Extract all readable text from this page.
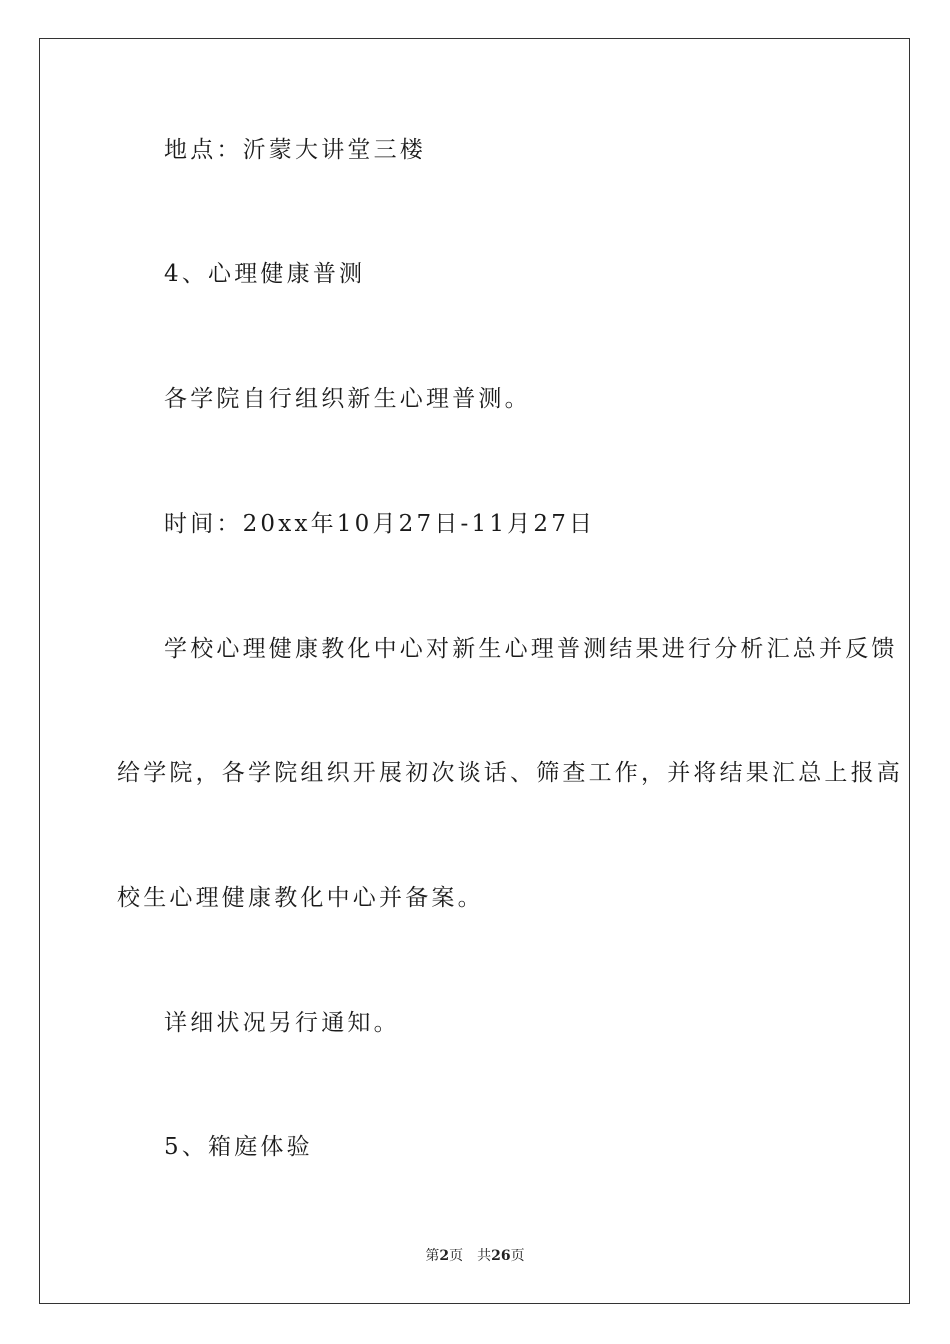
地点：沂蒙大讲堂三楼
4、心理健康普测
各学院自行组织新生心理普测。
时间：20xx年10月27日-11月27日
学校心理健康教化中心对新生心理普测结果进行分析汇总并反馈
给学院，各学院组织开展初次谈话、筛查工作，并将结果汇总上报高
校生心理健康教化中心并备案。
详细状况另行通知。
5、箱庭体验
第2页 共26页
